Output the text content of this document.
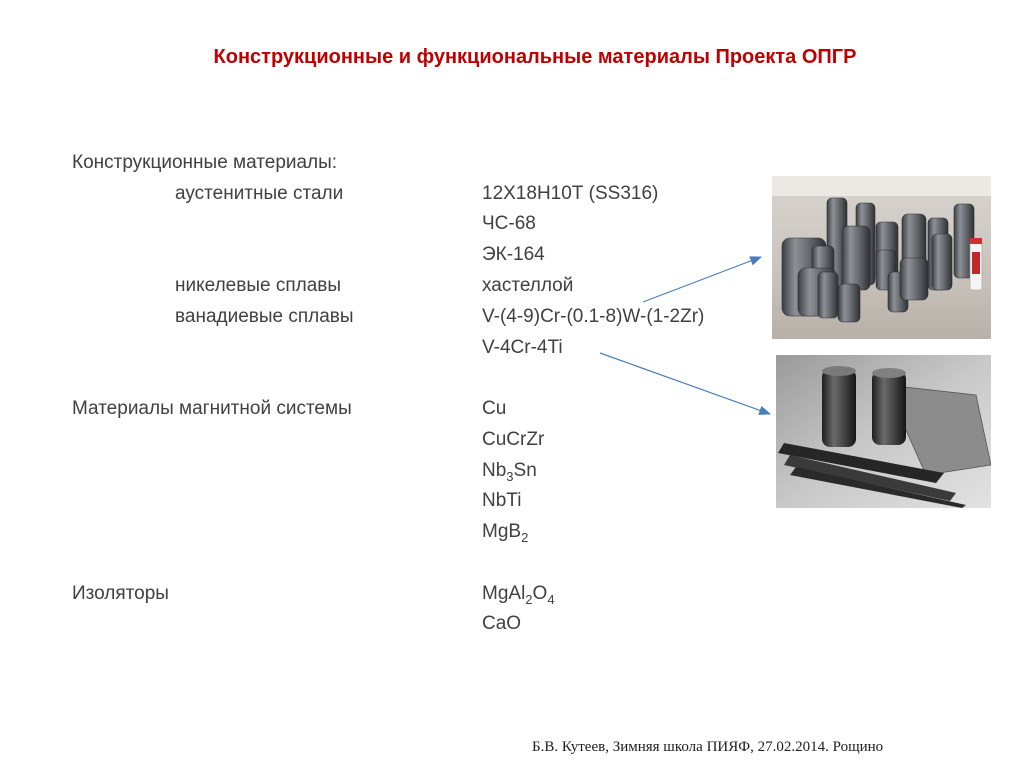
Конструкционные и функциональные материалы Проекта ОПГР
Конструкционные материалы:
аустенитные стали	12Х18Н10Т (SS316)
ЧС-68
ЭК-164
никелевые сплавы	хастеллой
ванадиевые сплавы	V-(4-9)Cr-(0.1-8)W-(1-2Zr)
V-4Cr-4Ti
Материалы магнитной системы	Cu
CuCrZr
$Nb_3Sn$
NbTi
MgB$_2$
Изоляторы	$MgAl_2O_4$
CaO
Б.В. Кутеев, Зимняя школа ПИЯФ, 27.02.2014. Рощино
